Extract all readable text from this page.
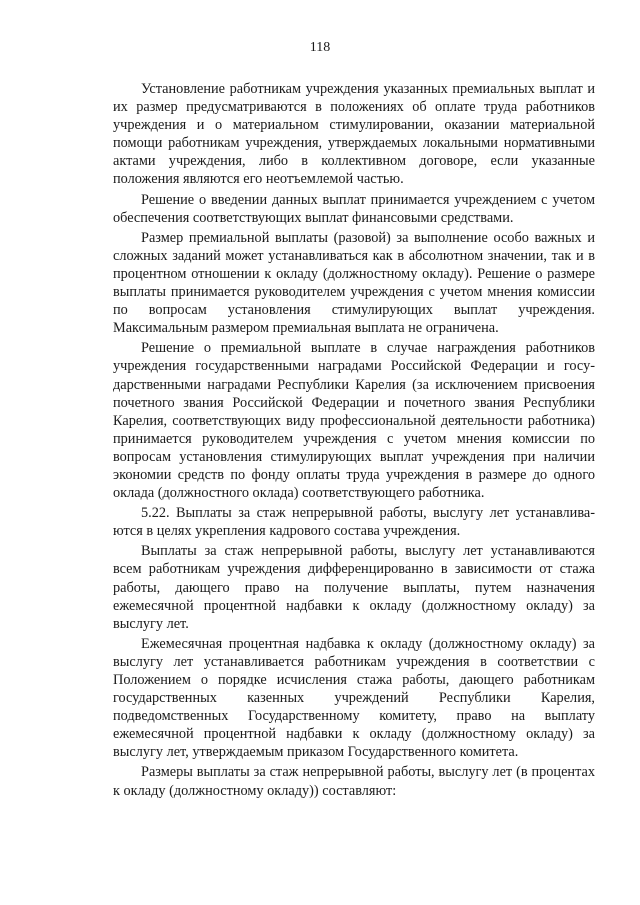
118

Установление работникам учреждения указанных премиальных выплат и их размер предусматриваются в положениях об оплате труда работников учреждения и о материальном стимулировании, оказании материальной помощи работникам учреждения, утверждаемых локальными нормативными актами учреждения, либо в коллективном договоре, если указанные положения являются его неотъемлемой частью.

Решение о введении данных выплат принимается учреждением с учетом обеспечения соответствующих выплат финансовыми средствами.

Размер премиальной выплаты (разовой) за выполнение особо важных и сложных заданий может устанавливаться как в абсолютном значении, так и в процентном отношении к окладу (должностному окладу). Решение о размере выплаты принимается руководителем учреждения с учетом мнения комиссии по вопросам установления стимулирующих выплат учреждения. Максимальным размером премиальная выплата не ограничена.

Решение о премиальной выплате в случае награждения работников учреждения государственными наградами Российской Федерации и госу-дарственными наградами Республики Карелия (за исключением присвоения почетного звания Российской Федерации и почетного звания Республики Карелия, соответствующих виду профессиональной деятельности работника) принимается руководителем учреждения с учетом мнения комиссии по вопросам установления стимулирующих выплат учреждения при наличии экономии средств по фонду оплаты труда учреждения в размере до одного оклада (должностного оклада) соответствующего работника.

5.22. Выплаты за стаж непрерывной работы, выслугу лет устанавлива-ются в целях укрепления кадрового состава учреждения.

Выплаты за стаж непрерывной работы, выслугу лет устанавливаются всем работникам учреждения дифференцированно в зависимости от стажа работы, дающего право на получение выплаты, путем назначения ежемесячной процентной надбавки к окладу (должностному окладу) за выслугу лет.

Ежемесячная процентная надбавка к окладу (должностному окладу) за выслугу лет устанавливается работникам учреждения в соответствии с Положением о порядке исчисления стажа работы, дающего работникам государственных казенных учреждений Республики Карелия, подведомственных Государственному комитету, право на выплату ежемесячной процентной надбавки к окладу (должностному окладу) за выслугу лет, утверждаемым приказом Государственного комитета.

Размеры выплаты за стаж непрерывной работы, выслугу лет (в процентах к окладу (должностному окладу)) составляют:
